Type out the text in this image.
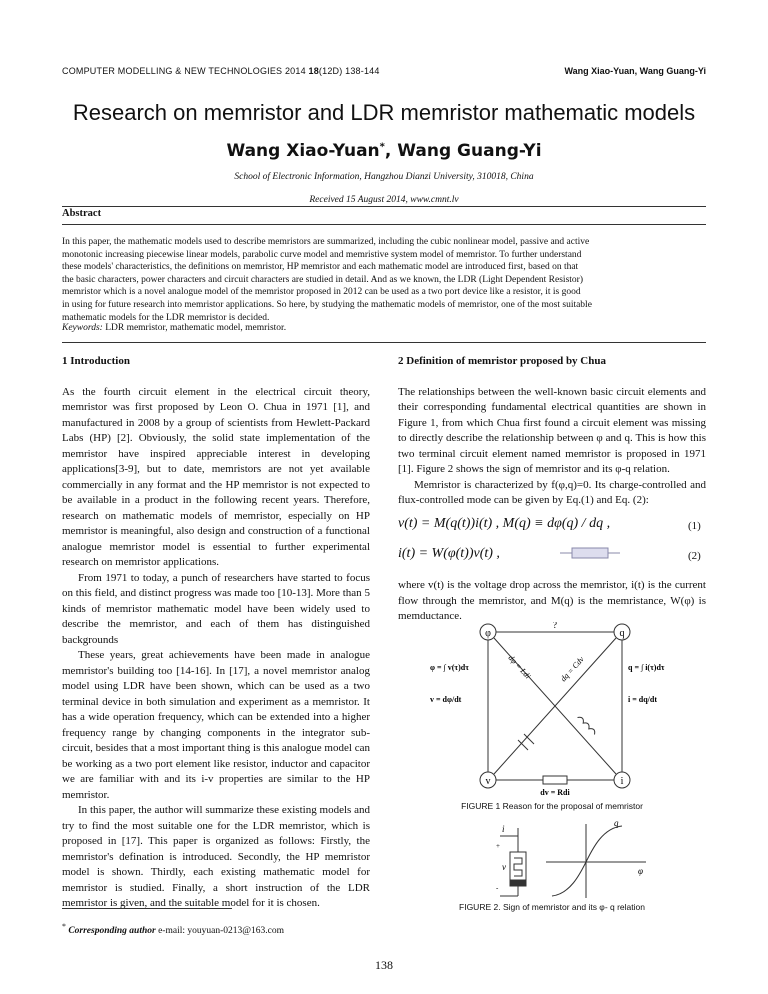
COMPUTER MODELLING & NEW TECHNOLOGIES 2014 18(12D) 138-144	Wang Xiao-Yuan, Wang Guang-Yi
Research on memristor and LDR memristor mathematic models
Wang Xiao-Yuan*, Wang Guang-Yi
School of Electronic Information, Hangzhou Dianzi University, 310018, China
Received 15 August 2014, www.cmnt.lv
Abstract
In this paper, the mathematic models used to describe memristors are summarized, including the cubic nonlinear model, passive and active
monotonic increasing piecewise linear models, parabolic curve model and memristive system model of memristor. To further understand
these models' characteristics, the definitions on memristor, HP memristor and each mathematic model are introduced first, based on that
the basic characters, power characters and circuit characters are studied in detail. And as we known, the LDR (Light Dependent Resistor)
memristor which is a novel analogue model of the memristor proposed in 2012 can be used as a two port device like a resistor, it is good
in using for future research into memristor applications. So here, by studying the mathematic models of memristor, one of the most suitable
mathematic models for the LDR memristor is decided.
Keywords: LDR memristor, mathematic model, memristor.
1 Introduction

As the fourth circuit element in the electrical circuit theory, memristor was first proposed by Leon O. Chua in 1971 [1], and manufactured in 2008 by a group of scientists from Hewlett-Packard Labs (HP) [2]. Obviously, the solid state implementation of the memristor have inspired appreciable interest in developing applications[3-9], but to date, memristors are not yet available commercially in any format and the HP memristor is not expected to be available in a product in the following recent years. Therefore, research on mathematic models of memristor, especially on HP memristor is meaningful, also design and construction of a functional analogue memristor model is essential to further experimental research on memristor applications.

From 1971 to today, a punch of researchers have started to focus on this field, and distinct progress was made too [10-13]. More than 5 kinds of memristor mathematic model have been widely used to describe the memristor, and each of them has distinguished backgrounds

These years, great achievements have been made in analogue memristor's building too [14-16]. In [17], a novel memristor analog model using LDR have been shown, which can be used as a two terminal device in both simulation and experiment as a memristor. It has a wide operation frequency, which can be extended into a higher frequency range by changing components in the integrator sub-circuit, besides that a most important thing is this analogue model can be working as a two port element like resistor, inductor and capacitor we are familiar with and its i-v properties are similar to the HP memristor.

In this paper, the author will summarize these existing models and try to find the most suitable one for the LDR memristor, which is proposed in [17]. This paper is organized as follows: Firstly, the memristor's defination is introduced. Secondly, the HP memristor model is shown. Thirdly, each existing mathematic model for memristor is studied. Finally, a short instruction of the LDR memristor is given, and the suitable model for it is chosen.

2 Definition of memristor proposed by Chua

The relationships between the well-known basic circuit elements and their corresponding fundamental electrical quantities are shown in Figure 1, from which Chua first found a circuit element was missing to directly describe the relationship between φ and q. This is how this two terminal circuit element named memristor is proposed in 1971 [1]. Figure 2 shows the sign of memristor and its φ-q relation.

Memristor is characterized by f(φ,q)=0. Its charge-controlled and flux-controlled mode can be given by Eq.(1) and Eq. (2):

v(t) = M(q(t))i(t) , M(q) ≡ dφ(q) / dq ,	(1)
i(t) = W(φ(t))v(t) ,	(2)
where v(t) is the voltage drop across the memristor, i(t) is the current flow through the memristor, and M(q) is the memristance, W(φ) is memductance.
φ	q
v	i
?
φ = ∫ v(τ)dτ
v = dφ/dt
q = ∫ i(τ)dτ
i = dq/dt
dφ = Ldi	dq = Cdv
dv = Rdi
FIGURE 1 Reason for the proposal of memristor
i
v
+
-
q
φ
FIGURE 2. Sign of memristor and its φ- q relation
* Corresponding author e-mail: youyuan-0213@163.com
138
